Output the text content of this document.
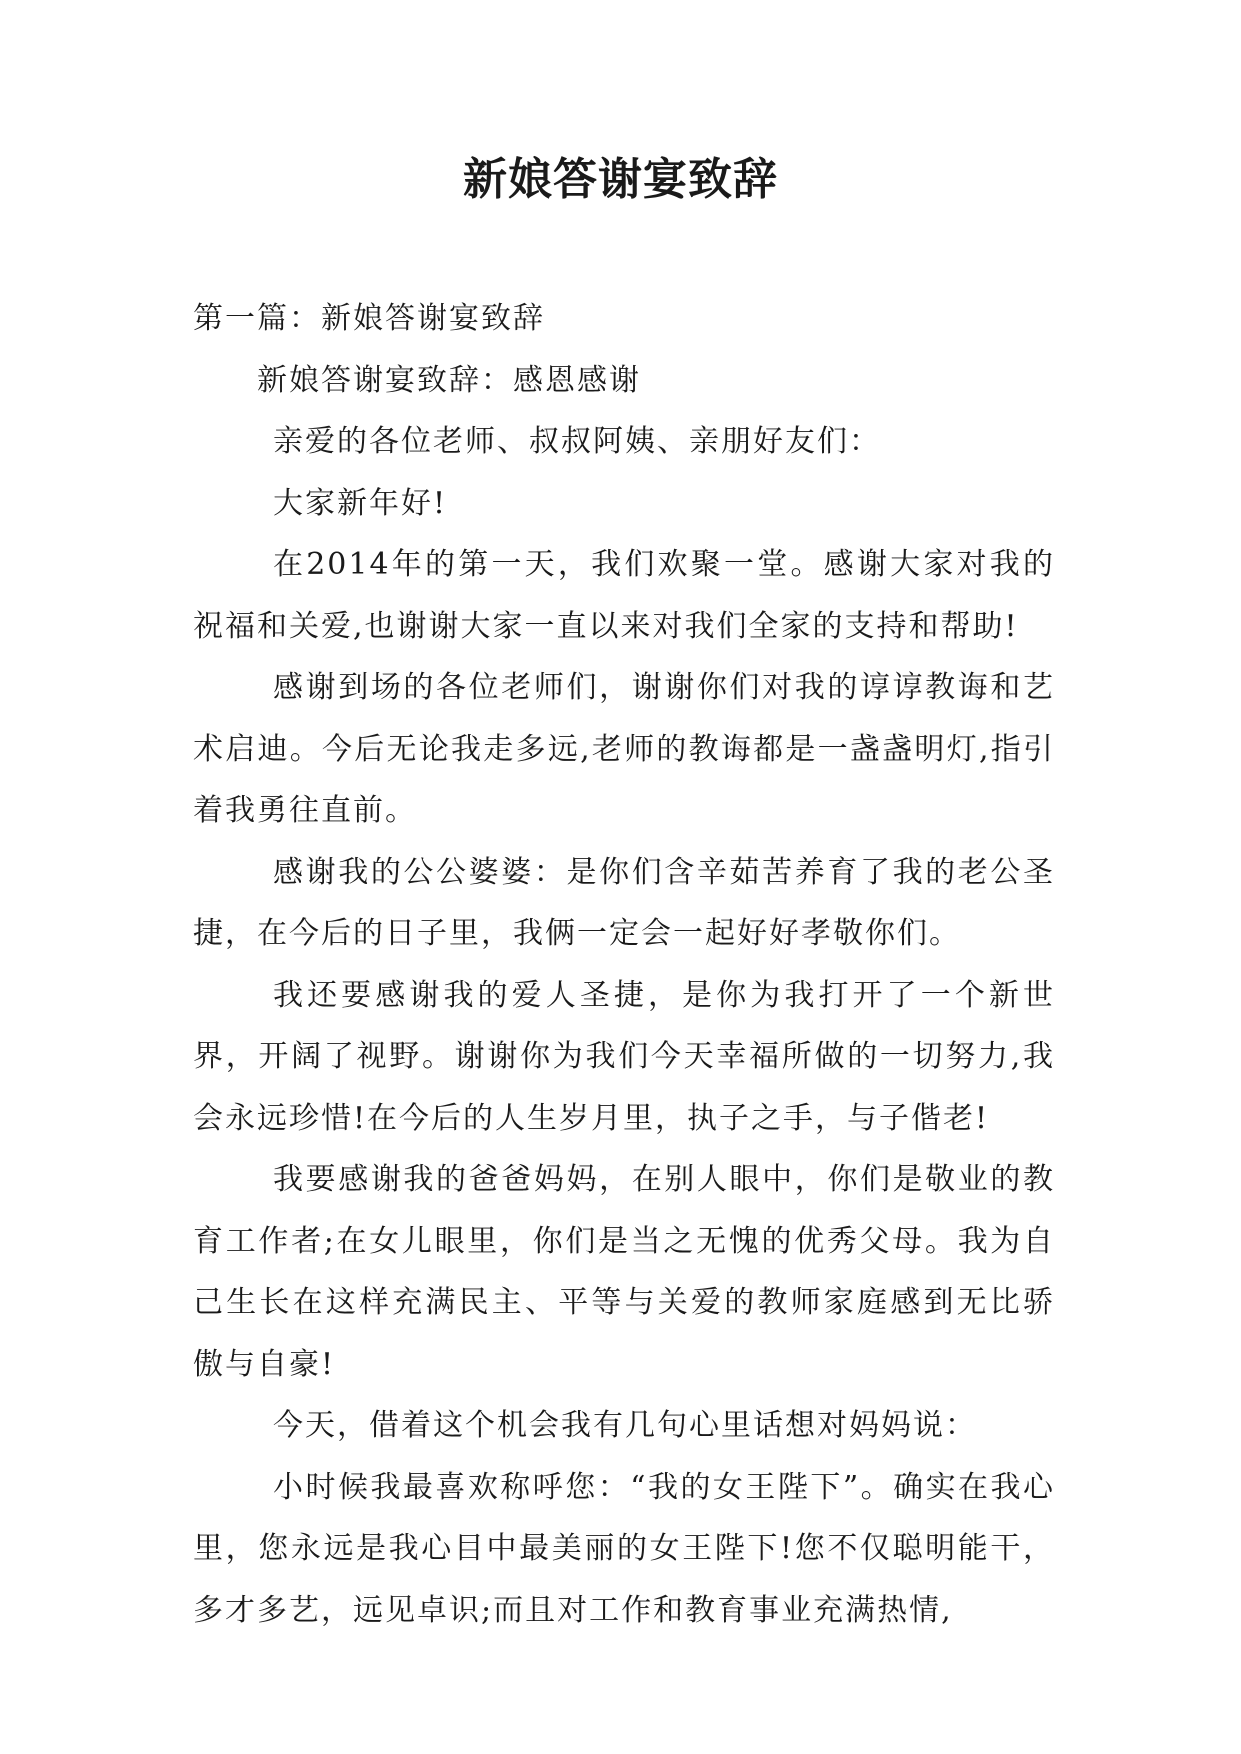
新娘答谢宴致辞

第一篇：新娘答谢宴致辞

新娘答谢宴致辞：感恩感谢

亲爱的各位老师、叔叔阿姨、亲朋好友们：

大家新年好!

在2014年的第一天，我们欢聚一堂。感谢大家对我的祝福和关爱,也谢谢大家一直以来对我们全家的支持和帮助!

感谢到场的各位老师们，谢谢你们对我的谆谆教诲和艺术启迪。今后无论我走多远,老师的教诲都是一盏盏明灯,指引着我勇往直前。

感谢我的公公婆婆：是你们含辛茹苦养育了我的老公圣捷，在今后的日子里，我俩一定会一起好好孝敬你们。

我还要感谢我的爱人圣捷，是你为我打开了一个新世界，开阔了视野。谢谢你为我们今天幸福所做的一切努力,我会永远珍惜!在今后的人生岁月里，执子之手，与子偕老!

我要感谢我的爸爸妈妈，在别人眼中，你们是敬业的教育工作者;在女儿眼里，你们是当之无愧的优秀父母。我为自己生长在这样充满民主、平等与关爱的教师家庭感到无比骄傲与自豪!

今天，借着这个机会我有几句心里话想对妈妈说：

小时候我最喜欢称呼您：“我的女王陛下”。确实在我心里，您永远是我心目中最美丽的女王陛下!您不仅聪明能干，多才多艺，远见卓识;而且对工作和教育事业充满热情,
